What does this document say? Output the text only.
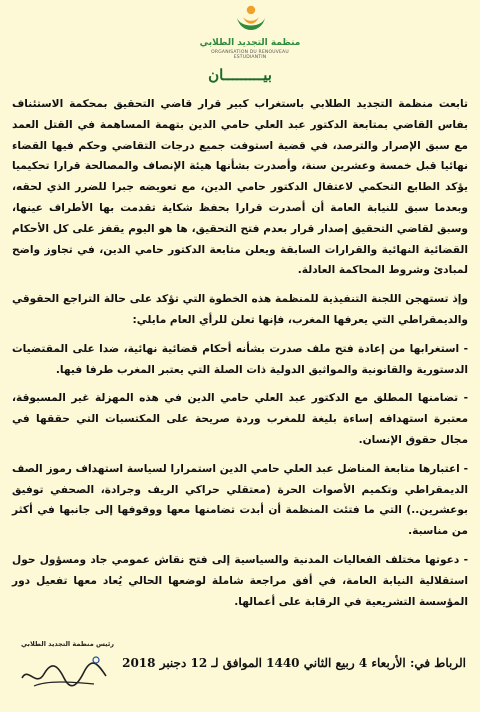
منظمة التجديد الطلابي
ORGANISATION DU RENOUVEAU ESTUDIANTIN
بيـــــــــان

تابعت منظمة التجديد الطلابي باستغراب كبير قرار قاضي التحقيق بمحكمة الاستئناف بفاس القاضي بمتابعة الدكتور عبد العلي حامي الدين بتهمة المساهمة في القتل العمد مع سبق الإصرار والترصد، في قضية استوفت جميع درجات التقاضي وحكم فيها القضاء نهائيا قبل خمسة وعشرين سنة، وأصدرت بشأنها هيئة الإنصاف والمصالحة قرارا تحكيميا يؤكد الطابع التحكمي لاعتقال الدكتور حامي الدين، مع تعويضه جبرا للضرر الذي لحقه، وبعدما سبق للنيابة العامة أن أصدرت قرارا بحفظ شكاية تقدمت بها الأطراف عينها، وسبق لقاضي التحقيق إصدار قرار بعدم فتح التحقيق، ها هو اليوم يقفز على كل الأحكام القضائية النهائية والقرارات السابقة ويعلن متابعة الدكتور حامي الدين، في تجاوز واضح لمبادئ وشروط المحاكمة العادلة.

وإذ تستهجن اللجنة التنفيذية للمنظمة هذه الخطوة التي تؤكد على حالة التراجع الحقوقي والديمقراطي التي يعرفها المغرب، فإنها تعلن للرأي العام مايلي:

- استغرابها من إعادة فتح ملف صدرت بشأنه أحكام قضائية نهائية، ضدا على المقتضيات الدستورية والقانونية والمواثيق الدولية ذات الصلة التي يعتبر المغرب طرفا فيها.

- تضامنها المطلق مع الدكتور عبد العلي حامي الدين في هذه المهزلة غير المسبوقة، معتبرة استهدافه إساءة بليغة للمغرب وردة صريحة على المكتسبات التي حققها في مجال حقوق الإنسان.

- اعتبارها متابعة المناضل عبد العلي حامي الدين استمرارا لسياسة استهداف رموز الصف الديمقراطي وتكميم الأصوات الحرة (معتقلي حراكي الريف وجرادة، الصحفي توفيق بوعشرين..) التي ما فتئت المنظمة أن أبدت تضامنها معها ووقوفها إلى جانبها في أكثر من مناسبة.

- دعوتها مختلف الفعاليات المدنية والسياسية إلى فتح نقاش عمومي جاد ومسؤول حول استقلالية النيابة العامة، في أفق مراجعة شاملة لوضعها الحالي يُعاد معها تفعيل دور المؤسسة التشريعية في الرقابة على أعمالها.

الرباط في: الأربعاء 4 ربيع الثاني 1440 الموافق لـ 12 دجنبر 2018
رئيس منظمة التجديد الطلابي
